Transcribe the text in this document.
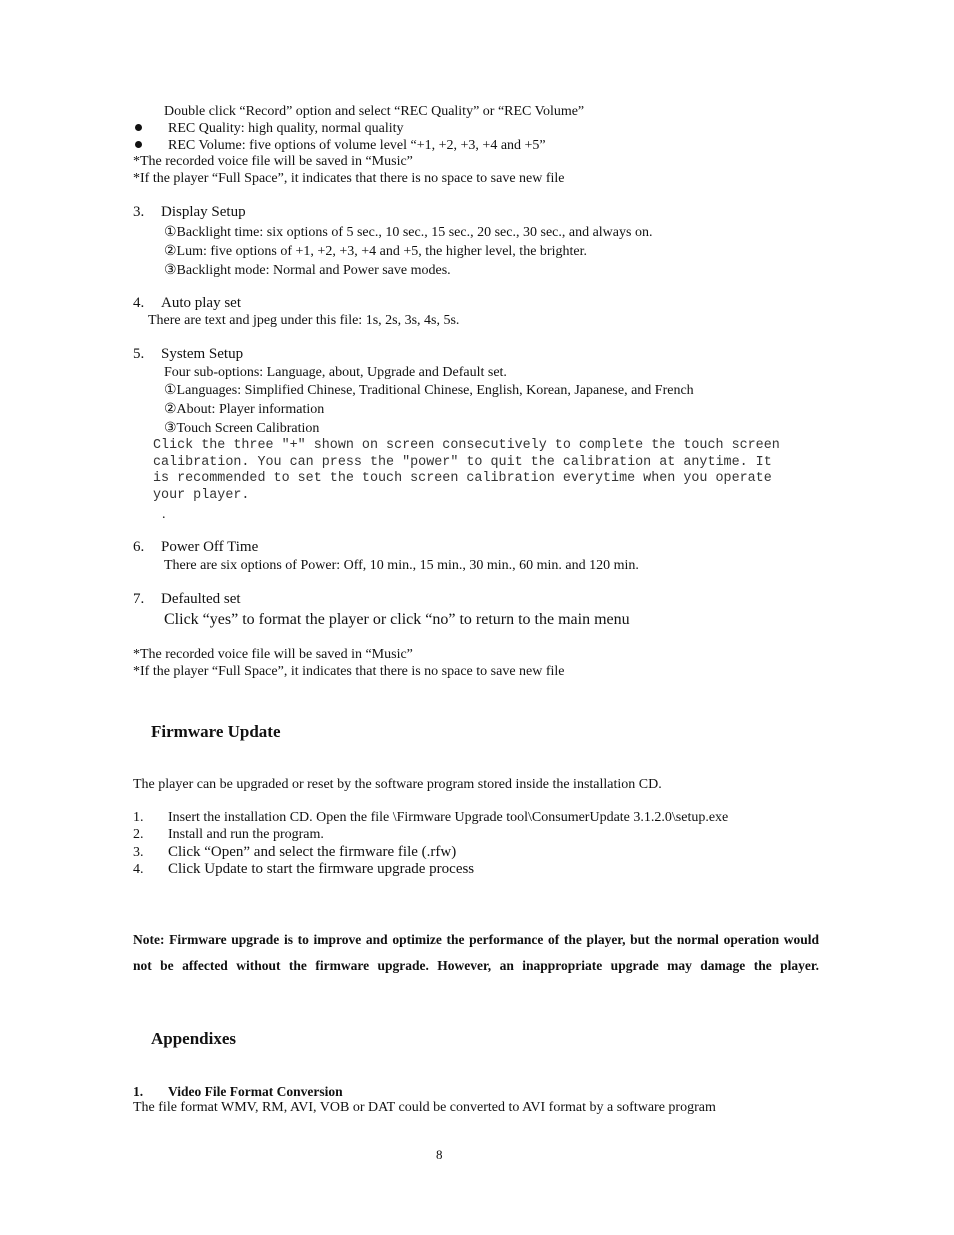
Double click “Record” option and select “REC Quality” or “REC Volume”
REC Quality: high quality, normal quality
REC Volume: five options of volume level “+1, +2, +3, +4 and +5”
*The recorded voice file will be saved in “Music”
*If the player “Full Space”, it indicates that there is no space to save new file
3. Display Setup
①Backlight time: six options of 5 sec., 10 sec., 15 sec., 20 sec., 30 sec., and always on.
②Lum: five options of +1, +2, +3, +4 and +5, the higher level, the brighter.
③Backlight mode: Normal and Power save modes.
4. Auto play set
There are text and jpeg under this file: 1s, 2s, 3s, 4s, 5s.
5. System Setup
Four sub-options: Language, about, Upgrade and Default set.
①Languages: Simplified Chinese, Traditional Chinese, English, Korean, Japanese, and French
②About: Player information
③Touch Screen Calibration
Click the three "+" shown on screen consecutively to complete the touch screen
calibration. You can press the "power" to quit the calibration at anytime. It
is recommended to set the touch screen calibration everytime when you operate
your player.
.
6. Power Off Time
There are six options of Power: Off, 10 min., 15 min., 30 min., 60 min. and 120 min.
7. Defaulted set
Click “yes” to format the player or click “no” to return to the main menu
*The recorded voice file will be saved in “Music”
*If the player “Full Space”, it indicates that there is no space to save new file
Firmware Update
The player can be upgraded or reset by the software program stored inside the installation CD.
1. Insert the installation CD. Open the file \Firmware Upgrade tool\ConsumerUpdate 3.1.2.0\setup.exe
2. Install and run the program.
3. Click “Open” and select the firmware file (.rfw)
4. Click Update to start the firmware upgrade process
Note: Firmware upgrade is to improve and optimize the performance of the player, but the normal operation would not be affected without the firmware upgrade. However, an inappropriate upgrade may damage the player.
Appendixes
1. Video File Format Conversion
The file format WMV, RM, AVI, VOB or DAT could be converted to AVI format by a software program
8
